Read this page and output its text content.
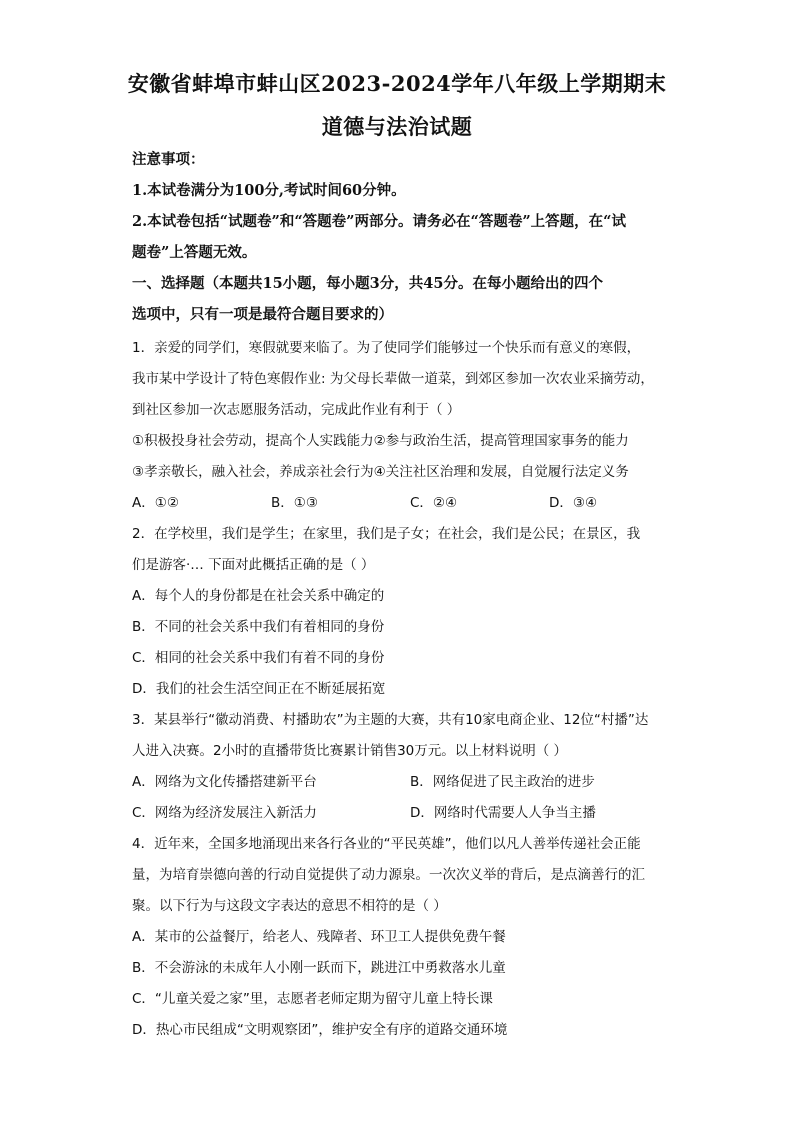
安徽省蚌埠市蚌山区2023-2024学年八年级上学期期末
道德与法治试题
注意事项：
1.本试卷满分为100分,考试时间60分钟。
2.本试卷包括“试题卷”和“答题卷”两部分。请务必在“答题卷”上答题，在“试
题卷”上答题无效。
一、选择题（本题共15小题，每小题3分，共45分。在每小题给出的四个
选项中，只有一项是最符合题目要求的）
1．亲爱的同学们，寒假就要来临了。为了使同学们能够过一个快乐而有意义的寒假，
我市某中学设计了特色寒假作业: 为父母长辈做一道菜，到郊区参加一次农业采摘劳动，
到社区参加一次志愿服务活动，完成此作业有利于（ ）
①积极投身社会劳动，提高个人实践能力②参与政治生活，提高管理国家事务的能力
③孝亲敬长，融入社会，养成亲社会行为④关注社区治理和发展，自觉履行法定义务
A．①②	B．①③	C．②④	D．③④
2．在学校里，我们是学生；在家里，我们是子女；在社会，我们是公民；在景区，我
们是游客·… 下面对此概括正确的是（ ）
A．每个人的身份都是在社会关系中确定的
B．不同的社会关系中我们有着相同的身份
C．相同的社会关系中我们有着不同的身份
D．我们的社会生活空间正在不断延展拓宽
3．某县举行“徽动消费、村播助农”为主题的大赛，共有10家电商企业、12位“村播”达
人进入决赛。2小时的直播带货比赛累计销售30万元。以上材料说明（ ）
A．网络为文化传播搭建新平台	B．网络促进了民主政治的进步
C．网络为经济发展注入新活力	D．网络时代需要人人争当主播
4．近年来，全国多地涌现出来各行各业的“平民英雄”，他们以凡人善举传递社会正能
量，为培育崇德向善的行动自觉提供了动力源泉。一次次义举的背后，是点滴善行的汇
聚。以下行为与这段文字表达的意思不相符的是（ ）
A．某市的公益餐厅，给老人、残障者、环卫工人提供免费午餐
B．不会游泳的未成年人小刚一跃而下，跳进江中勇救落水儿童
C．“儿童关爱之家”里，志愿者老师定期为留守儿童上特长课
D．热心市民组成“文明观察团”，维护安全有序的道路交通环境
